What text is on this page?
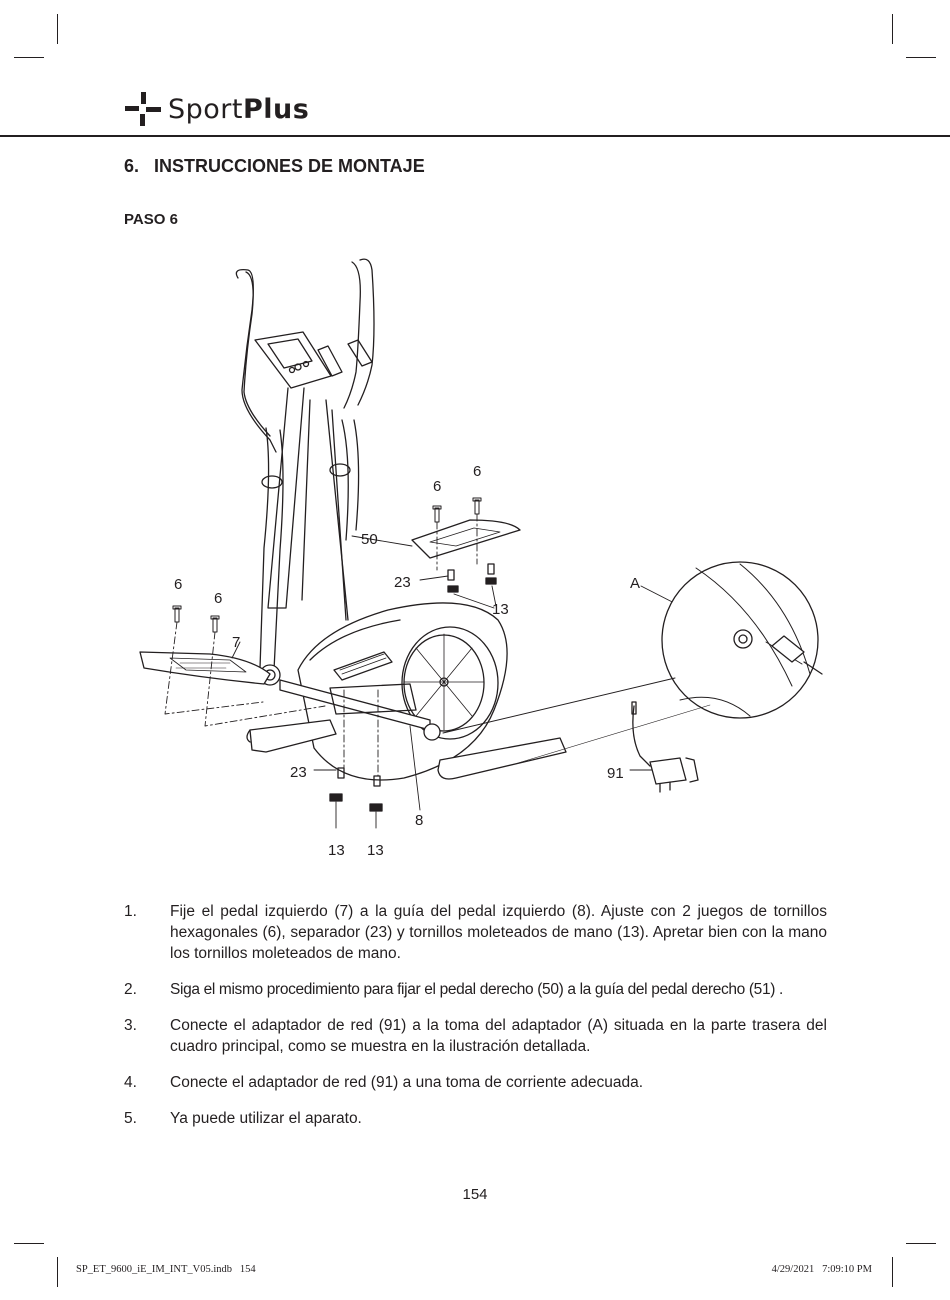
SportPlus
6.   INSTRUCCIONES DE MONTAJE
PASO 6
6
6
50
23
13
6
6
7
A
23
8
91
13 13
1.	Fije el pedal izquierdo (7) a la guía del pedal izquierdo (8). Ajuste con 2 juegos de tornillos hexagonales (6), separador (23) y tornillos moleteados de mano (13). Apretar bien con la mano los tornillos moleteados de mano.
2.	Siga el mismo procedimiento para fijar el pedal derecho (50) a la guía del pedal derecho (51) .
3.	Conecte el adaptador de red (91) a la toma del adaptador (A) situada en la parte trasera del cuadro principal, como se muestra en la ilustración detallada.
4.	Conecte el adaptador de red (91) a una toma de corriente adecuada.
5.	Ya puede utilizar el aparato.
154
SP_ET_9600_iE_IM_INT_V05.indb   154	4/29/2021   7:09:10 PM
